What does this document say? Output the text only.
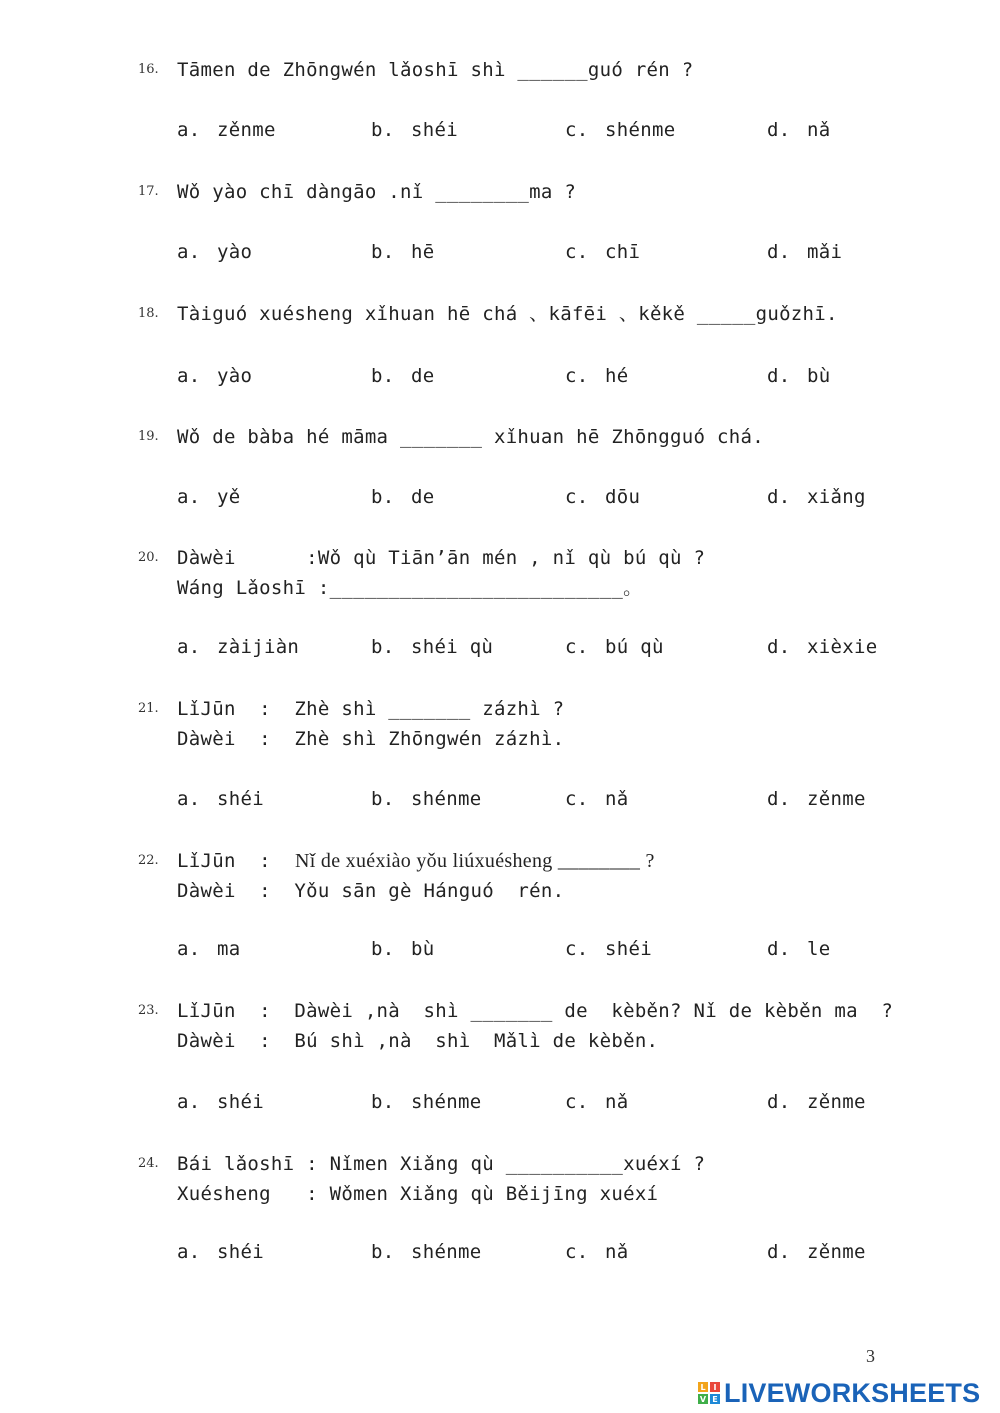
16. Tāmen de Zhōngwén lǎoshī shì ______guó rén ?
a. zěnme	b. shéi	c. shénme	d. nǎ
17. Wǒ yào chī dàngāo .nǐ ________ma ?
a. yào	b. hē	c. chī	d. mǎi
18. Tàiguó xuésheng xǐhuan hē chá 、kāfēi 、kěkě _____guǒzhī.
a. yào	b. de	c. hé	d. bù
19. Wǒ de bàba hé māma _______ xǐhuan hē Zhōngguó chá.
a. yě	b. de	c. dōu	d. xiǎng
20. Dàwèi      :Wǒ qù Tiān’ān mén , nǐ qù bú qù ?
Wáng Lǎoshī :_________________________。
a. zàijiàn	b. shéi qù	c. bú qù	d. xièxie
21. LǐJūn  :  Zhè shì _______ zázhì ?
Dàwèi  :  Zhè shì Zhōngwén zázhì.
a. shéi	b. shénme	c. nǎ	d. zěnme
22. LǐJūn  : Nǐ de xuéxiào yǒu liúxuésheng ________ ?
Dàwèi  :  Yǒu sān gè Hánguó  rén.
a. ma	b. bù	c. shéi	d. le
23. LǐJūn  :  Dàwèi ,nà  shì _______ de  kèběn? Nǐ de kèběn ma  ?
Dàwèi  :  Bú shì ,nà  shì  Mǎlì de kèběn.
a. shéi	b. shénme	c. nǎ	d. zěnme
24. Bái lǎoshī : Nǐmen Xiǎng qù __________xuéxí ?
Xuésheng   : Wǒmen Xiǎng qù Běijīng xuéxí
a. shéi	b. shénme	c. nǎ	d. zěnme
3
L I
V E LIVEWORKSHEETS
